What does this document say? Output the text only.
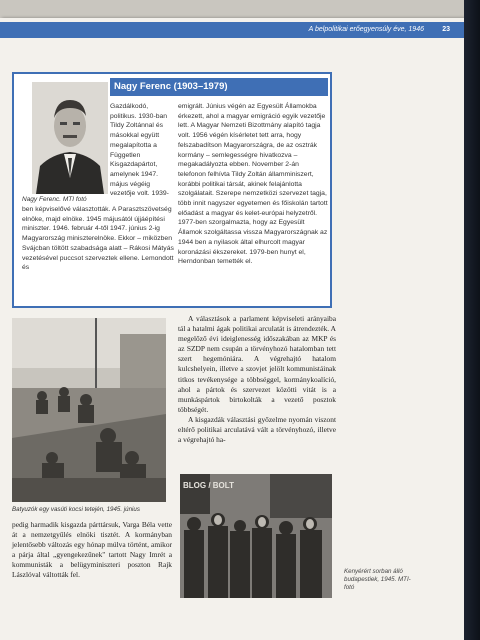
A belpolitikai erőegyensúly éve, 1946	23
Nagy Ferenc. MTI fotó
Nagy Ferenc (1903–1979)

Gazdálkodó, politikus. 1930-ban Tildy Zoltánnal és másokkal együtt megalapította a Független Kisgazdapártot, amelynek 1947. május végéig vezetője volt. 1939-

ben képviselővé választották. A Parasztszövetség elnöke, majd elnöke. 1945 májusától újjáépítési miniszter. 1946. február 4-től 1947. június 2-ig Magyarország miniszterelnöke. Ekkor – miközben Svájcban töltött szabadsága alatt – Rákosi Mátyás vezetésével puccsot szerveztek ellene. Lemondott és

emigrált. Június végén az Egyesült Államokba érkezett, ahol a magyar emigráció egyik vezetője lett. A Magyar Nemzeti Bizottmány alapító tagja volt. 1956 végén kísérletet tett arra, hogy felszabadítson Magyarországra, de az osztrák kormány – semlegességre hivatkozva – megakadályozta ebben. November 2-án telefonon felhívta Tildy Zoltán államminiszert, korábbi politikai társát, akinek felajánlotta szolgálatait. Szerepe nemzetközi szervezet tagja, több innit nagyszer egyetemen és főiskolán tartott előadást a magyar és kelet-európai helyzetről. 1977-ben szorgalmazta, hogy az Egyesült Államok szolgáltassa vissza Magyarországnak az 1944 ben a nyilasok által elhurcolt magyar koronázási ékszereket. 1979-ben hunyt el, Herndonban temették el.

Batyuzók egy vasúti kocsi tetején, 1945. június

A választások a parlament képviseleti arányaiba tál a hatalmi ágak politikai arculatát is átrendezték. A megelőző évi ideiglenesség időszakában az MKP és az SZDP nem csupán a törvényhozó hatalomban tett szert hegemóniára. A végrehajtó hatalom kulcshelyein, illetve a szovjet jelölt kommunistáinak titkos tevékenysége a többséggel, kormánykoalíció, ahol a pártok és szervezet közötti vitát is a munkáspártok birtokolták a vezető posztok többségét.

A kisgazdák választási győzelme nyomán viszont eltérő politikai arculatává vált a törvényhozó, illetve a végrehajtó ha-

pedig harmadik kisgazda párttársuk, Varga Béla vette át a nemzetgyűlés elnöki tisztét. A kormányban jelentősebb változás egy hónap múlva történt, amikor a párja által „gyengekezűnek" tartott Nagy Imrét a kommunisták a belügyminiszteri poszton Rajk Lászlóval váltották fel.

BLOG / BOLT
Kenyérért sorban álló budapestiek, 1945. MTI-fotó
